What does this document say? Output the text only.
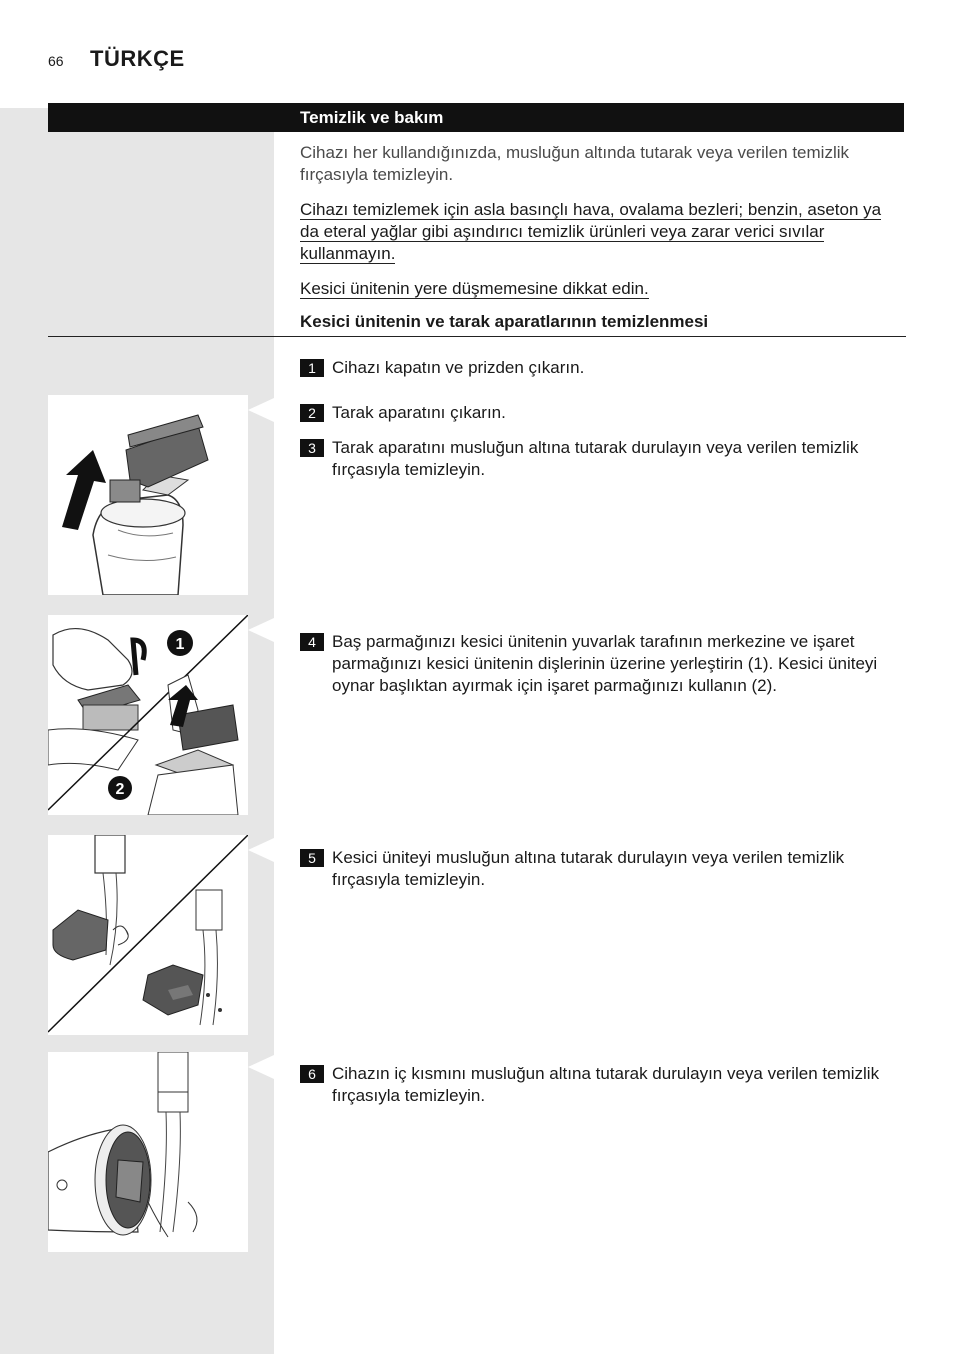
66 TÜRKÇE
Temizlik ve bakım
Cihazı her kullandığınızda, musluğun altında tutarak veya verilen temizlik fırçasıyla temizleyin.
Cihazı temizlemek için asla basınçlı hava, ovalama bezleri; benzin, aseton ya da eteral yağlar gibi aşındırıcı temizlik ürünleri veya zarar verici sıvılar kullanmayın.
Kesici ünitenin yere düşmemesine dikkat edin.
Kesici ünitenin ve tarak aparatlarının temizlenmesi
1 Cihazı kapatın ve prizden çıkarın.
2 Tarak aparatını çıkarın.
3 Tarak aparatını musluğun altına tutarak durulayın veya verilen temizlik fırçasıyla temizleyin.
4 Baş parmağınızı kesici ünitenin yuvarlak tarafının merkezine ve işaret parmağınızı kesici ünitenin dişlerinin üzerine yerleştirin (1). Kesici üniteyi oynar başlıktan ayırmak için işaret parmağınızı kullanın (2).
5 Kesici üniteyi musluğun altına tutarak durulayın veya verilen temizlik fırçasıyla temizleyin.
6 Cihazın iç kısmını musluğun altına tutarak durulayın veya verilen temizlik fırçasıyla temizleyin.
1
2
